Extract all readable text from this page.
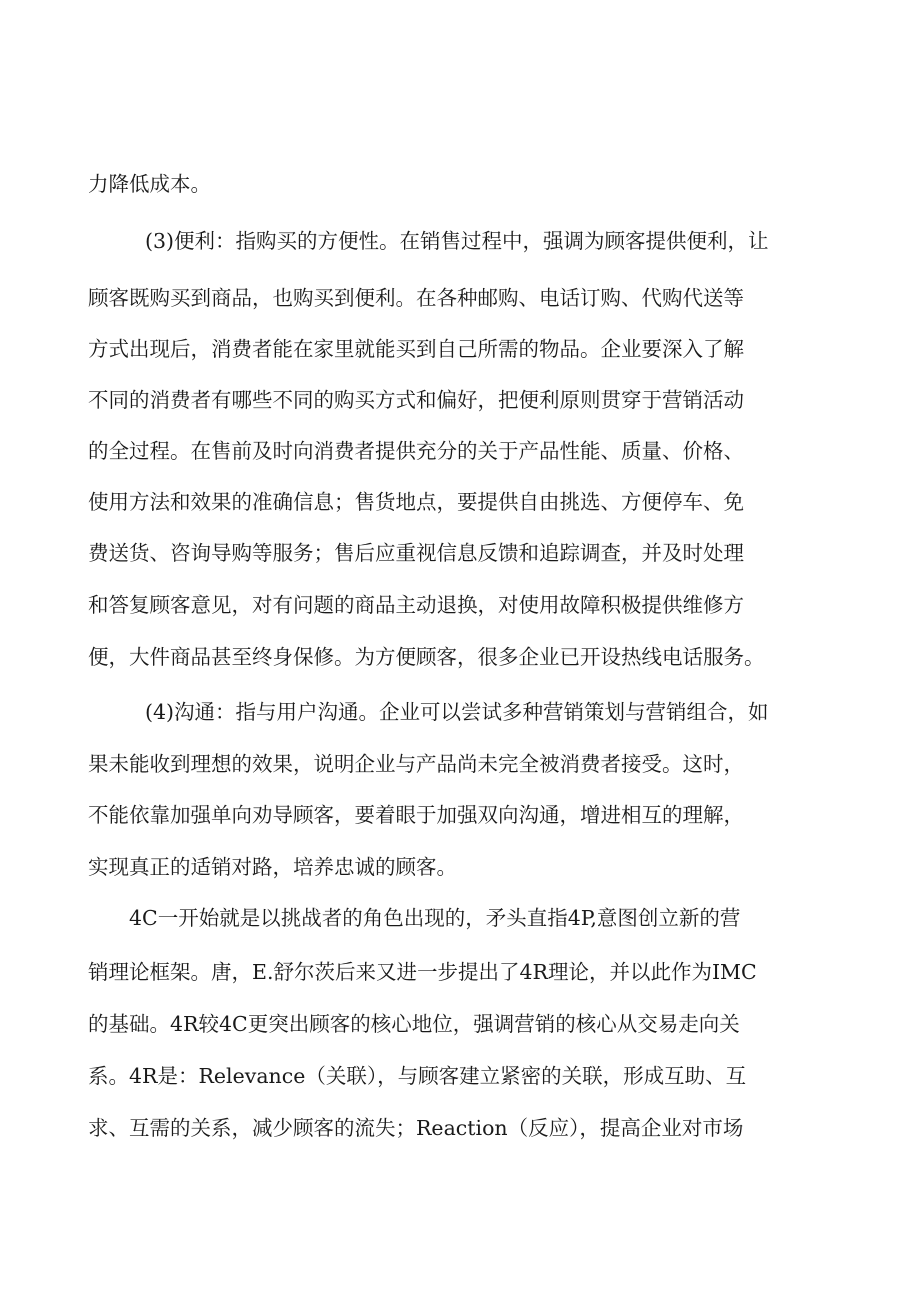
力降低成本。
(3)便利：指购买的方便性。在销售过程中，强调为顾客提供便利，让
顾客既购买到商品，也购买到便利。在各种邮购、电话订购、代购代送等
方式出现后，消费者能在家里就能买到自己所需的物品。企业要深入了解
不同的消费者有哪些不同的购买方式和偏好，把便利原则贯穿于营销活动
的全过程。在售前及时向消费者提供充分的关于产品性能、质量、价格、
使用方法和效果的准确信息；售货地点，要提供自由挑选、方便停车、免
费送货、咨询导购等服务；售后应重视信息反馈和追踪调查，并及时处理
和答复顾客意见，对有问题的商品主动退换，对使用故障积极提供维修方
便，大件商品甚至终身保修。为方便顾客，很多企业已开设热线电话服务。
(4)沟通：指与用户沟通。企业可以尝试多种营销策划与营销组合，如
果未能收到理想的效果，说明企业与产品尚未完全被消费者接受。这时，
不能依靠加强单向劝导顾客，要着眼于加强双向沟通，增进相互的理解，
实现真正的适销对路，培养忠诚的顾客。
4C一开始就是以挑战者的角色出现的，矛头直指4P,意图创立新的营
销理论框架。唐，E.舒尔茨后来又进一步提出了4R理论，并以此作为IMC
的基础。4R较4C更突出顾客的核心地位，强调营销的核心从交易走向关
系。4R是：Relevance（关联），与顾客建立紧密的关联，形成互助、互
求、互需的关系，减少顾客的流失；Reaction（反应），提高企业对市场
